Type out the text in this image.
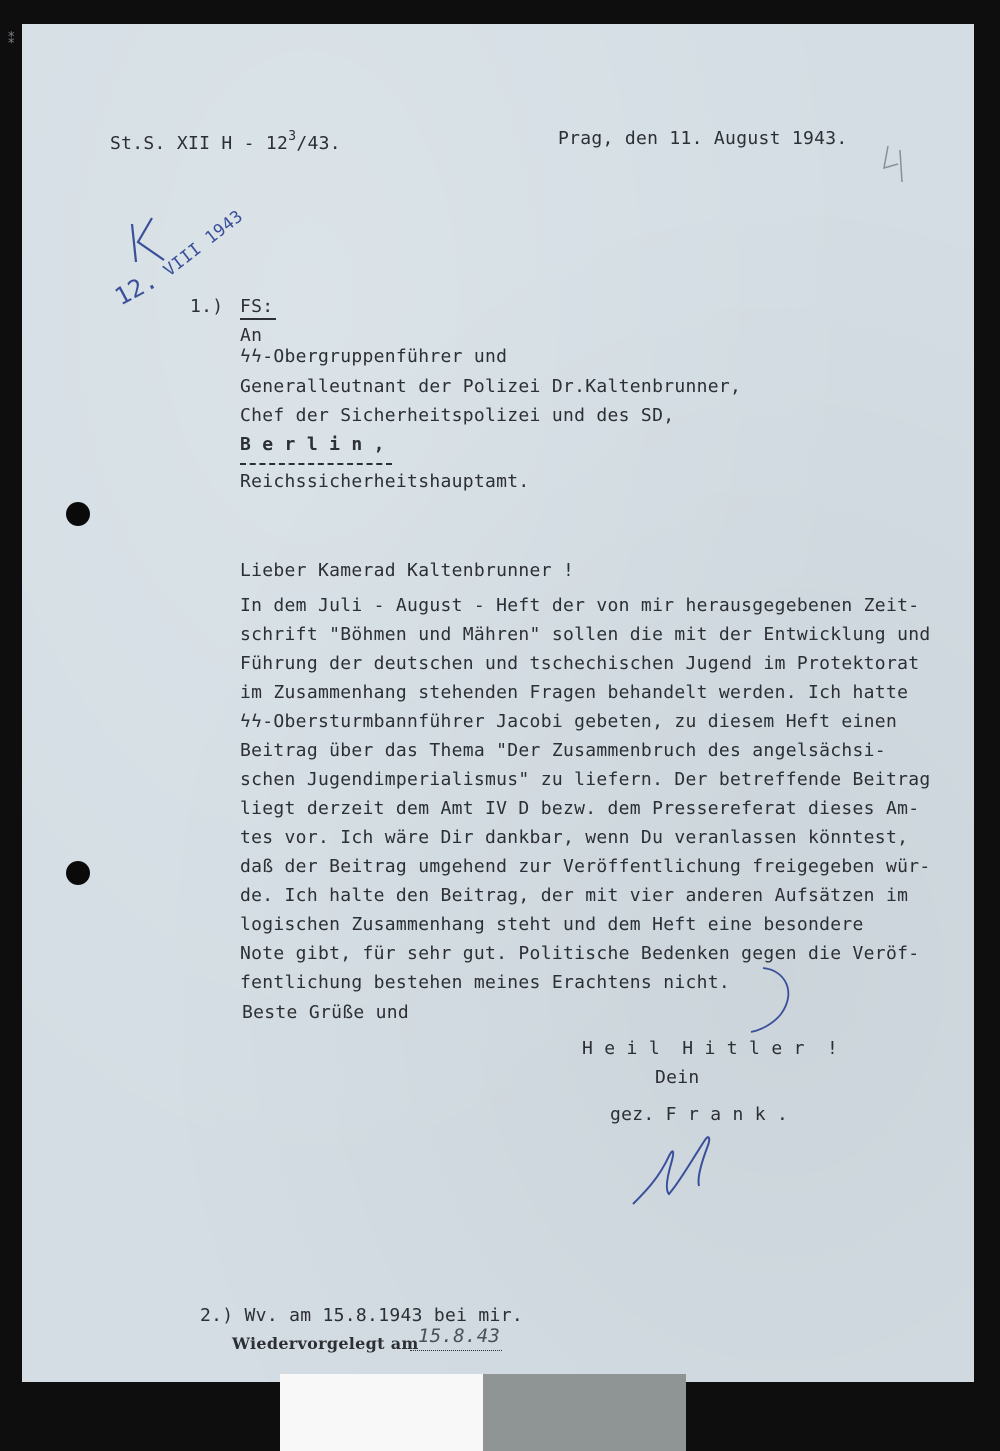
⁑
St.S. XII H - $12^3/43$.	Prag, den 11. August 1943.
12.
VIII 1943
1.) FS:
An
ϟϟ-Obergruppenführer und
Generalleutnant der Polizei Dr.Kaltenbrunner,
Chef der Sicherheitspolizei und des SD,
B e r l i n ,
Reichssicherheitshauptamt.
Lieber Kamerad Kaltenbrunner !
In dem Juli - August - Heft der von mir herausgegebenen Zeit-
schrift "Böhmen und Mähren" sollen die mit der Entwicklung und
Führung der deutschen und tschechischen Jugend im Protektorat
im Zusammenhang stehenden Fragen behandelt werden. Ich hatte
ϟϟ-Obersturmbannführer Jacobi gebeten, zu diesem Heft einen
Beitrag über das Thema "Der Zusammenbruch des angelsächsi-
schen Jugendimperialismus" zu liefern. Der betreffende Beitrag
liegt derzeit dem Amt IV D bezw. dem Pressereferat dieses Am-
tes vor. Ich wäre Dir dankbar, wenn Du veranlassen könntest,
daß der Beitrag umgehend zur Veröffentlichung freigegeben wür-
de. Ich halte den Beitrag, der mit vier anderen Aufsätzen im
logischen Zusammenhang steht und dem Heft eine besondere
Note gibt, für sehr gut. Politische Bedenken gegen die Veröf-
fentlichung bestehen meines Erachtens nicht.
Beste Grüße und
H e i l  H i t l e r  !
Dein
gez. F r a n k .
2.) Wv. am 15.8.1943 bei mir.
Wiedervorgelegt am 15.8.43
